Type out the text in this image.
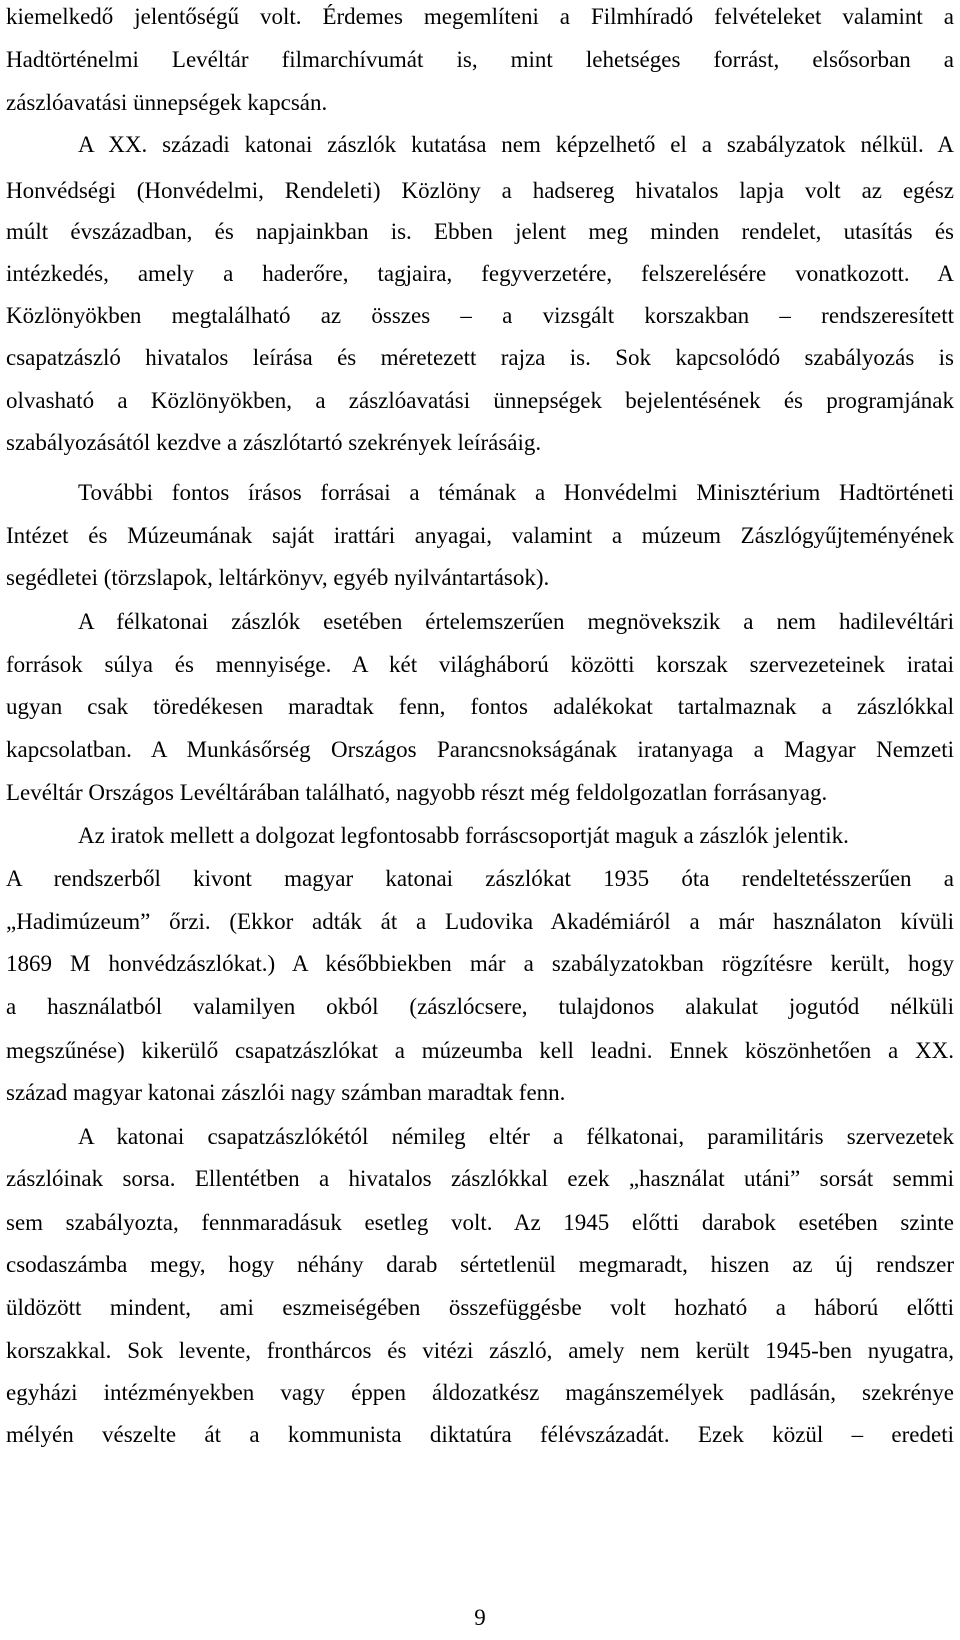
kiemelkedő jelentőségű volt. Érdemes megemlíteni a Filmhíradó felvételeket valamint a
Hadtörténelmi Levéltár filmarchívumát is, mint lehetséges forrást, elsősorban a
zászlóavatási ünnepségek kapcsán.
A XX. századi katonai zászlók kutatása nem képzelhető el a szabályzatok nélkül. A
Honvédségi (Honvédelmi, Rendeleti) Közlöny a hadsereg hivatalos lapja volt az egész
múlt évszázadban, és napjainkban is. Ebben jelent meg minden rendelet, utasítás és
intézkedés, amely a haderőre, tagjaira, fegyverzetére, felszerelésére vonatkozott. A
Közlönyökben megtalálható az összes – a vizsgált korszakban – rendszeresített
csapatzászló hivatalos leírása és méretezett rajza is. Sok kapcsolódó szabályozás is
olvasható a Közlönyökben, a zászlóavatási ünnepségek bejelentésének és programjának
szabályozásától kezdve a zászlótartó szekrények leírásáig.
További fontos írásos forrásai a témának a Honvédelmi Minisztérium Hadtörténeti
Intézet és Múzeumának saját irattári anyagai, valamint a múzeum Zászlógyűjteményének
segédletei (törzslapok, leltárkönyv, egyéb nyilvántartások).
A félkatonai zászlók esetében értelemszerűen megnövekszik a nem hadilevéltári
források súlya és mennyisége. A két világháború közötti korszak szervezeteinek iratai
ugyan csak töredékesen maradtak fenn, fontos adalékokat tartalmaznak a zászlókkal
kapcsolatban. A Munkásőrség Országos Parancsnokságának iratanyaga a Magyar Nemzeti
Levéltár Országos Levéltárában található, nagyobb részt még feldolgozatlan forrásanyag.
Az iratok mellett a dolgozat legfontosabb forráscsoportját maguk a zászlók jelentik.
A rendszerből kivont magyar katonai zászlókat 1935 óta rendeltetésszerűen a
„Hadimúzeum” őrzi. (Ekkor adták át a Ludovika Akadémiáról a már használaton kívüli
1869 M honvédzászlókat.) A későbbiekben már a szabályzatokban rögzítésre került, hogy
a használatból valamilyen okból (zászlócsere, tulajdonos alakulat jogutód nélküli
megszűnése) kikerülő csapatzászlókat a múzeumba kell leadni. Ennek köszönhetően a XX.
század magyar katonai zászlói nagy számban maradtak fenn.
A katonai csapatzászlókétól némileg eltér a félkatonai, paramilitáris szervezetek
zászlóinak sorsa. Ellentétben a hivatalos zászlókkal ezek „használat utáni” sorsát semmi
sem szabályozta, fennmaradásuk esetleg volt. Az 1945 előtti darabok esetében szinte
csodaszámba megy, hogy néhány darab sértetlenül megmaradt, hiszen az új rendszer
üldözött mindent, ami eszmeiségében összefüggésbe volt hozható a háború előtti
korszakkal. Sok levente, fronthárcos és vitézi zászló, amely nem került 1945-ben nyugatra,
egyházi intézményekben vagy éppen áldozatkész magánszemélyek padlásán, szekrénye
mélyén vészelte át a kommunista diktatúra félévszázadát. Ezek közül – eredeti
9
